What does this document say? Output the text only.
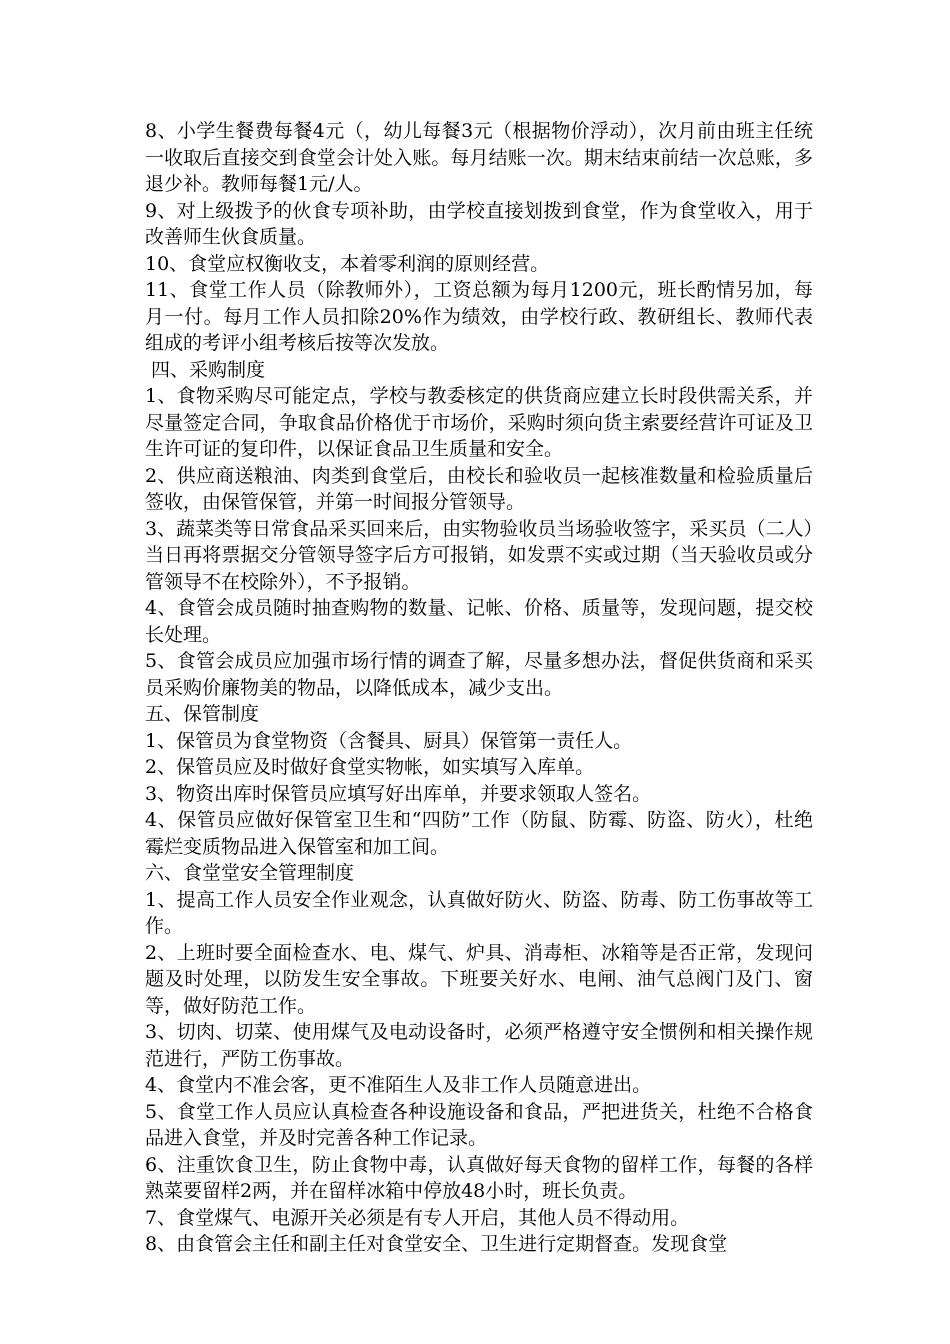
8、小学生餐费每餐4元（，幼儿每餐3元（根据物价浮动），次月前由班主任统一收取后直接交到食堂会计处入账。每月结账一次。期末结束前结一次总账，多退少补。教师每餐1元/人。

9、对上级拨予的伙食专项补助，由学校直接划拨到食堂，作为食堂收入，用于改善师生伙食质量。

10、食堂应权衡收支，本着零利润的原则经营。

11、食堂工作人员（除教师外），工资总额为每月1200元，班长酌情另加，每月一付。每月工作人员扣除20%作为绩效，由学校行政、教研组长、教师代表组成的考评小组考核后按等次发放。

四、采购制度

1、食物采购尽可能定点，学校与教委核定的供货商应建立长时段供需关系，并尽量签定合同，争取食品价格优于市场价，采购时须向货主索要经营许可证及卫生许可证的复印件，以保证食品卫生质量和安全。

2、供应商送粮油、肉类到食堂后，由校长和验收员一起核准数量和检验质量后签收，由保管保管，并第一时间报分管领导。

3、蔬菜类等日常食品采买回来后，由实物验收员当场验收签字，采买员（二人）当日再将票据交分管领导签字后方可报销，如发票不实或过期（当天验收员或分管领导不在校除外），不予报销。

4、食管会成员随时抽查购物的数量、记帐、价格、质量等，发现问题，提交校长处理。

5、食管会成员应加强市场行情的调查了解，尽量多想办法，督促供货商和采买员采购价廉物美的物品，以降低成本，减少支出。

五、保管制度

1、保管员为食堂物资（含餐具、厨具）保管第一责任人。

2、保管员应及时做好食堂实物帐，如实填写入库单。

3、物资出库时保管员应填写好出库单，并要求领取人签名。

4、保管员应做好保管室卫生和“四防”工作（防鼠、防霉、防盗、防火），杜绝霉烂变质物品进入保管室和加工间。

六、食堂堂安全管理制度

1、提高工作人员安全作业观念，认真做好防火、防盗、防毒、防工伤事故等工作。

2、上班时要全面检查水、电、煤气、炉具、消毒柜、冰箱等是否正常，发现问题及时处理，以防发生安全事故。下班要关好水、电闸、油气总阀门及门、窗等，做好防范工作。

3、切肉、切菜、使用煤气及电动设备时，必须严格遵守安全惯例和相关操作规范进行，严防工伤事故。

4、食堂内不准会客，更不准陌生人及非工作人员随意进出。

5、食堂工作人员应认真检查各种设施设备和食品，严把进货关，杜绝不合格食品进入食堂，并及时完善各种工作记录。

6、注重饮食卫生，防止食物中毒，认真做好每天食物的留样工作，每餐的各样熟菜要留样2两，并在留样冰箱中停放48小时，班长负责。

7、食堂煤气、电源开关必须是有专人开启，其他人员不得动用。

8、由食管会主任和副主任对食堂安全、卫生进行定期督查。发现食堂
